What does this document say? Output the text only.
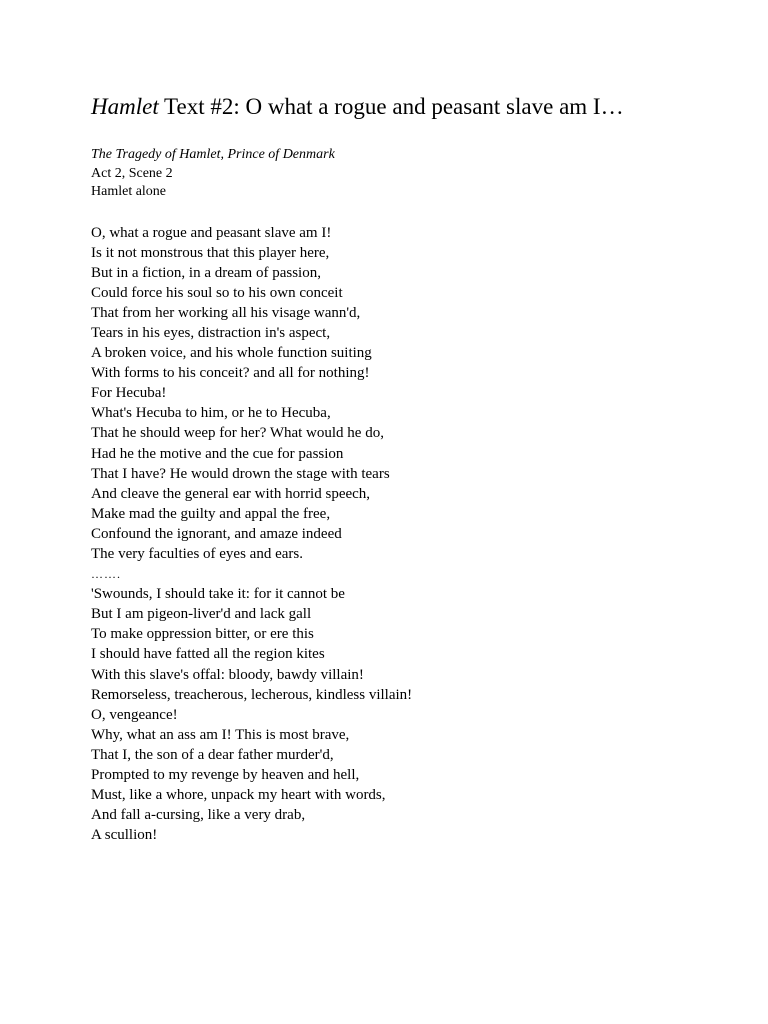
Hamlet Text #2: O what a rogue and peasant slave am I…
The Tragedy of Hamlet, Prince of Denmark
Act 2, Scene 2
Hamlet alone
O, what a rogue and peasant slave am I!
Is it not monstrous that this player here,
But in a fiction, in a dream of passion,
Could force his soul so to his own conceit
That from her working all his visage wann'd,
Tears in his eyes, distraction in's aspect,
A broken voice, and his whole function suiting
With forms to his conceit? and all for nothing!
For Hecuba!
What's Hecuba to him, or he to Hecuba,
That he should weep for her? What would he do,
Had he the motive and the cue for passion
That I have? He would drown the stage with tears
And cleave the general ear with horrid speech,
Make mad the guilty and appal the free,
Confound the ignorant, and amaze indeed
The very faculties of eyes and ears.
…….
'Swounds, I should take it: for it cannot be
But I am pigeon-liver'd and lack gall
To make oppression bitter, or ere this
I should have fatted all the region kites
With this slave's offal: bloody, bawdy villain!
Remorseless, treacherous, lecherous, kindless villain!
O, vengeance!
Why, what an ass am I! This is most brave,
That I, the son of a dear father murder'd,
Prompted to my revenge by heaven and hell,
Must, like a whore, unpack my heart with words,
And fall a-cursing, like a very drab,
A scullion!
